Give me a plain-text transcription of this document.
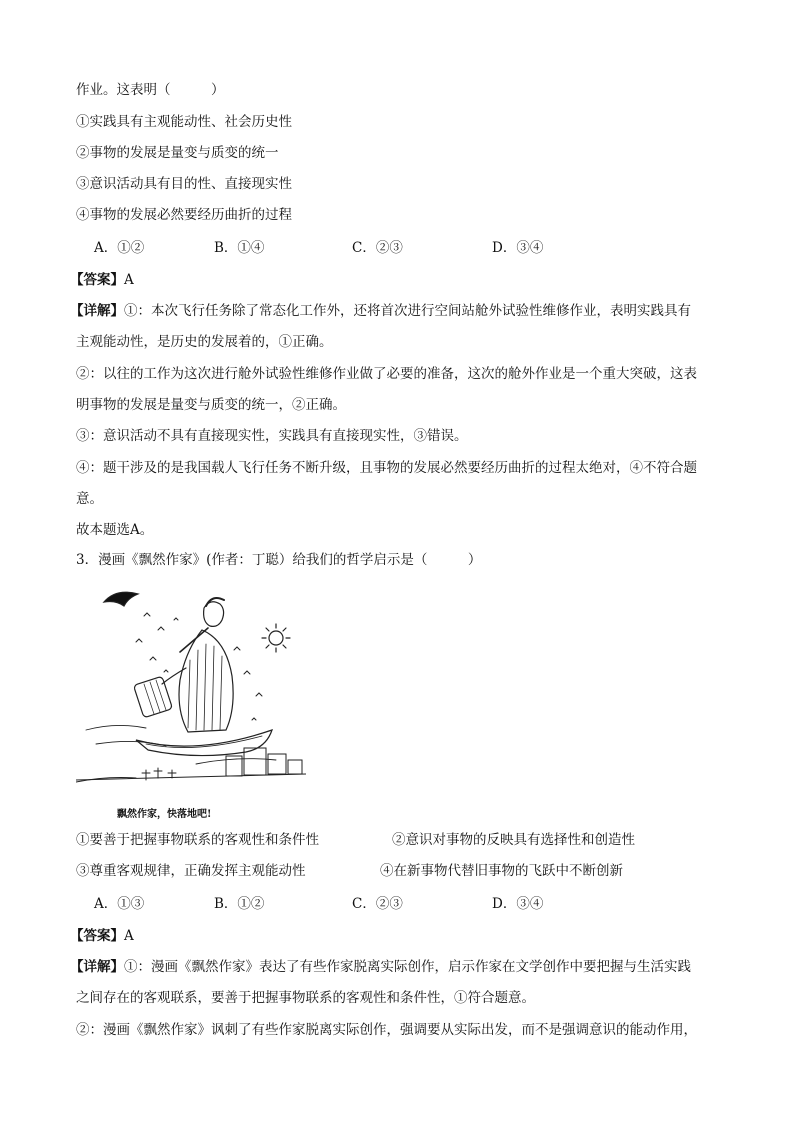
作业。这表明（　　　）
①实践具有主观能动性、社会历史性
②事物的发展是量变与质变的统一
③意识活动具有目的性、直接现实性
④事物的发展必然要经历曲折的过程
A．①②	B．①④	C．②③	D．③④
【答案】A
【详解】①：本次飞行任务除了常态化工作外，还将首次进行空间站舱外试验性维修作业，表明实践具有
主观能动性，是历史的发展着的，①正确。
②：以往的工作为这次进行舱外试验性维修作业做了必要的准备，这次的舱外作业是一个重大突破，这表
明事物的发展是量变与质变的统一，②正确。
③：意识活动不具有直接现实性，实践具有直接现实性，③错误。
④：题干涉及的是我国载人飞行任务不断升级，且事物的发展必然要经历曲折的过程太绝对，④不符合题
意。
故本题选A。
3．漫画《飘然作家》(作者：丁聪）给我们的哲学启示是（　　　）
飘然作家，快落地吧!
①要善于把握事物联系的客观性和条件性	②意识对事物的反映具有选择性和创造性
③尊重客观规律，正确发挥主观能动性	④在新事物代替旧事物的飞跃中不断创新
A．①③	B．①②	C．②③	D．③④
【答案】A
【详解】①：漫画《飘然作家》表达了有些作家脱离实际创作，启示作家在文学创作中要把握与生活实践
之间存在的客观联系，要善于把握事物联系的客观性和条件性，①符合题意。
②：漫画《飘然作家》讽刺了有些作家脱离实际创作，强调要从实际出发，而不是强调意识的能动作用，
